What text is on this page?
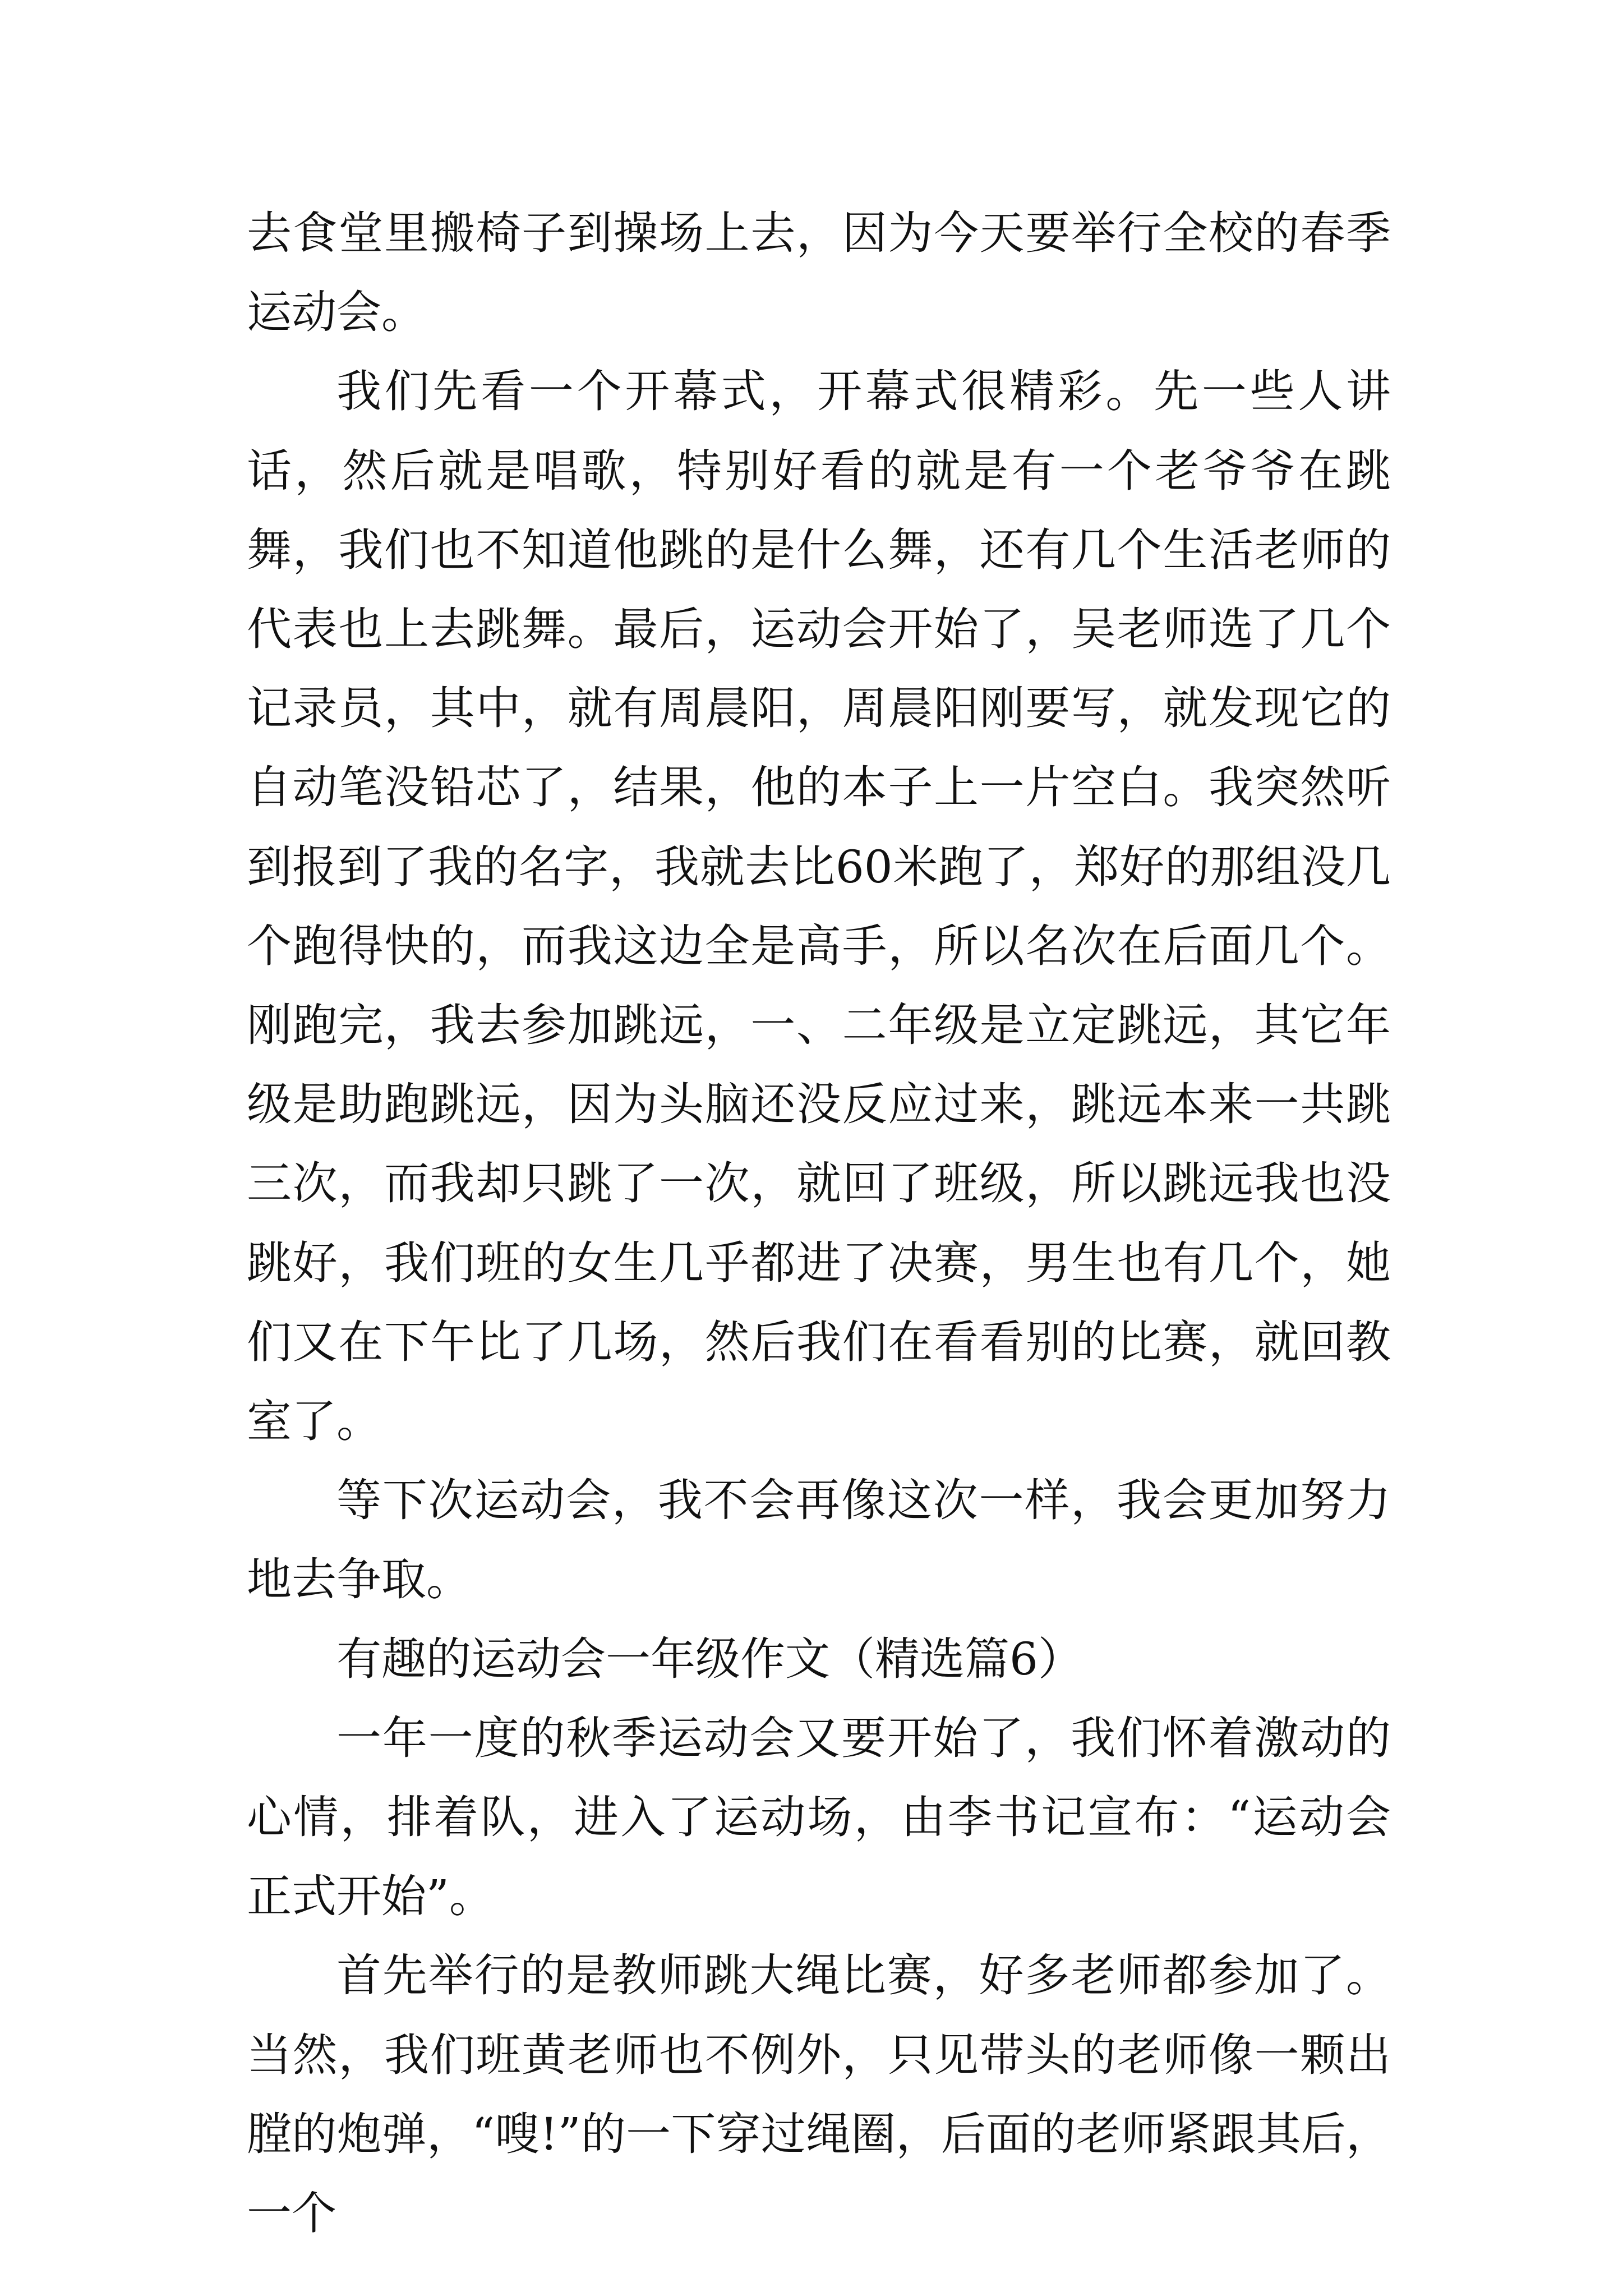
去食堂里搬椅子到操场上去，因为今天要举行全校的春季运动会。

我们先看一个开幕式，开幕式很精彩。先一些人讲话，然后就是唱歌，特别好看的就是有一个老爷爷在跳舞，我们也不知道他跳的是什么舞，还有几个生活老师的代表也上去跳舞。最后，运动会开始了，吴老师选了几个记录员，其中，就有周晨阳，周晨阳刚要写，就发现它的自动笔没铅芯了，结果，他的本子上一片空白。我突然听到报到了我的名字，我就去比60米跑了，郑好的那组没几个跑得快的，而我这边全是高手，所以名次在后面几个。刚跑完，我去参加跳远，一、二年级是立定跳远，其它年级是助跑跳远，因为头脑还没反应过来，跳远本来一共跳三次，而我却只跳了一次，就回了班级，所以跳远我也没跳好，我们班的女生几乎都进了决赛，男生也有几个，她们又在下午比了几场，然后我们在看看别的比赛，就回教室了。

等下次运动会，我不会再像这次一样，我会更加努力地去争取。

有趣的运动会一年级作文（精选篇6）

一年一度的秋季运动会又要开始了，我们怀着激动的心情，排着队，进入了运动场，由李书记宣布：“运动会正式开始”。

首先举行的是教师跳大绳比赛，好多老师都参加了。当然，我们班黄老师也不例外，只见带头的老师像一颗出膛的炮弹，“嗖!”的一下穿过绳圈，后面的老师紧跟其后，一个
